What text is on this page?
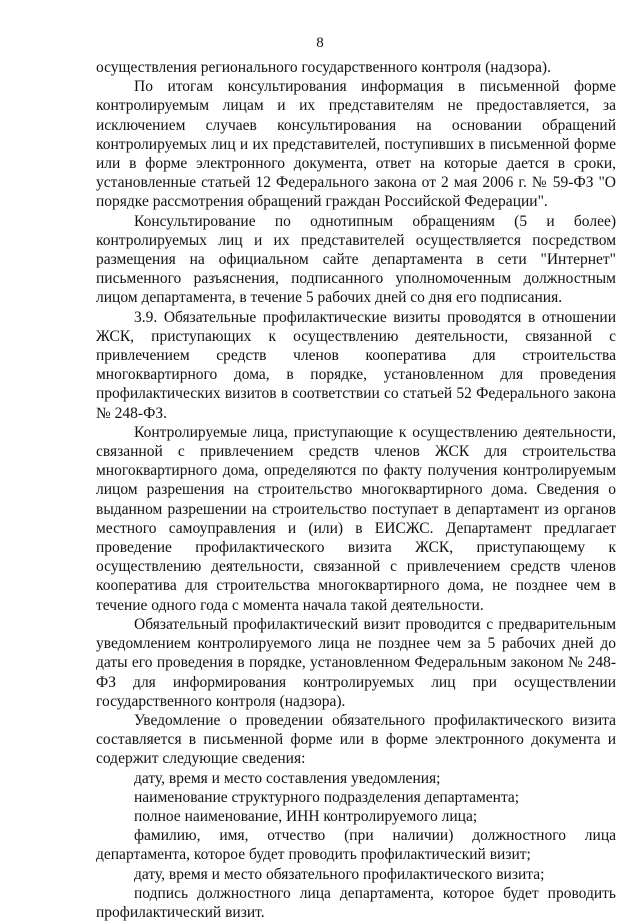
8

осуществления регионального государственного контроля (надзора).

По итогам консультирования информация в письменной форме контролируемым лицам и их представителям не предоставляется, за исключением случаев консультирования на основании обращений контролируемых лиц и их представителей, поступивших в письменной форме или в форме электронного документа, ответ на которые дается в сроки, установленные статьей 12 Федерального закона от 2 мая 2006 г. № 59-ФЗ "О порядке рассмотрения обращений граждан Российской Федерации".

Консультирование по однотипным обращениям (5 и более) контролируемых лиц и их представителей осуществляется посредством размещения на официальном сайте департамента в сети "Интернет" письменного разъяснения, подписанного уполномоченным должностным лицом департамента, в течение 5 рабочих дней со дня его подписания.

3.9. Обязательные профилактические визиты проводятся в отношении ЖСК, приступающих к осуществлению деятельности, связанной с привлечением средств членов кооператива для строительства многоквартирного дома, в порядке, установленном для проведения профилактических визитов в соответствии со статьей 52 Федерального закона № 248-ФЗ.

Контролируемые лица, приступающие к осуществлению деятельности, связанной с привлечением средств членов ЖСК для строительства многоквартирного дома, определяются по факту получения контролируемым лицом разрешения на строительство многоквартирного дома. Сведения о выданном разрешении на строительство поступает в департамент из органов местного самоуправления и (или) в ЕИСЖС. Департамент предлагает проведение профилактического визита ЖСК, приступающему к осуществлению деятельности, связанной с привлечением средств членов кооператива для строительства многоквартирного дома, не позднее чем в течение одного года с момента начала такой деятельности.

Обязательный профилактический визит проводится с предварительным уведомлением контролируемого лица не позднее чем за 5 рабочих дней до даты его проведения в порядке, установленном Федеральным законом № 248-ФЗ для информирования контролируемых лиц при осуществлении государственного контроля (надзора).

Уведомление о проведении обязательного профилактического визита составляется в письменной форме или в форме электронного документа и содержит следующие сведения:

дату, время и место составления уведомления;

наименование структурного подразделения департамента;

полное наименование, ИНН контролируемого лица;

фамилию, имя, отчество (при наличии) должностного лица департамента, которое будет проводить профилактический визит;

дату, время и место обязательного профилактического визита;

подпись должностного лица департамента, которое будет проводить профилактический визит.
